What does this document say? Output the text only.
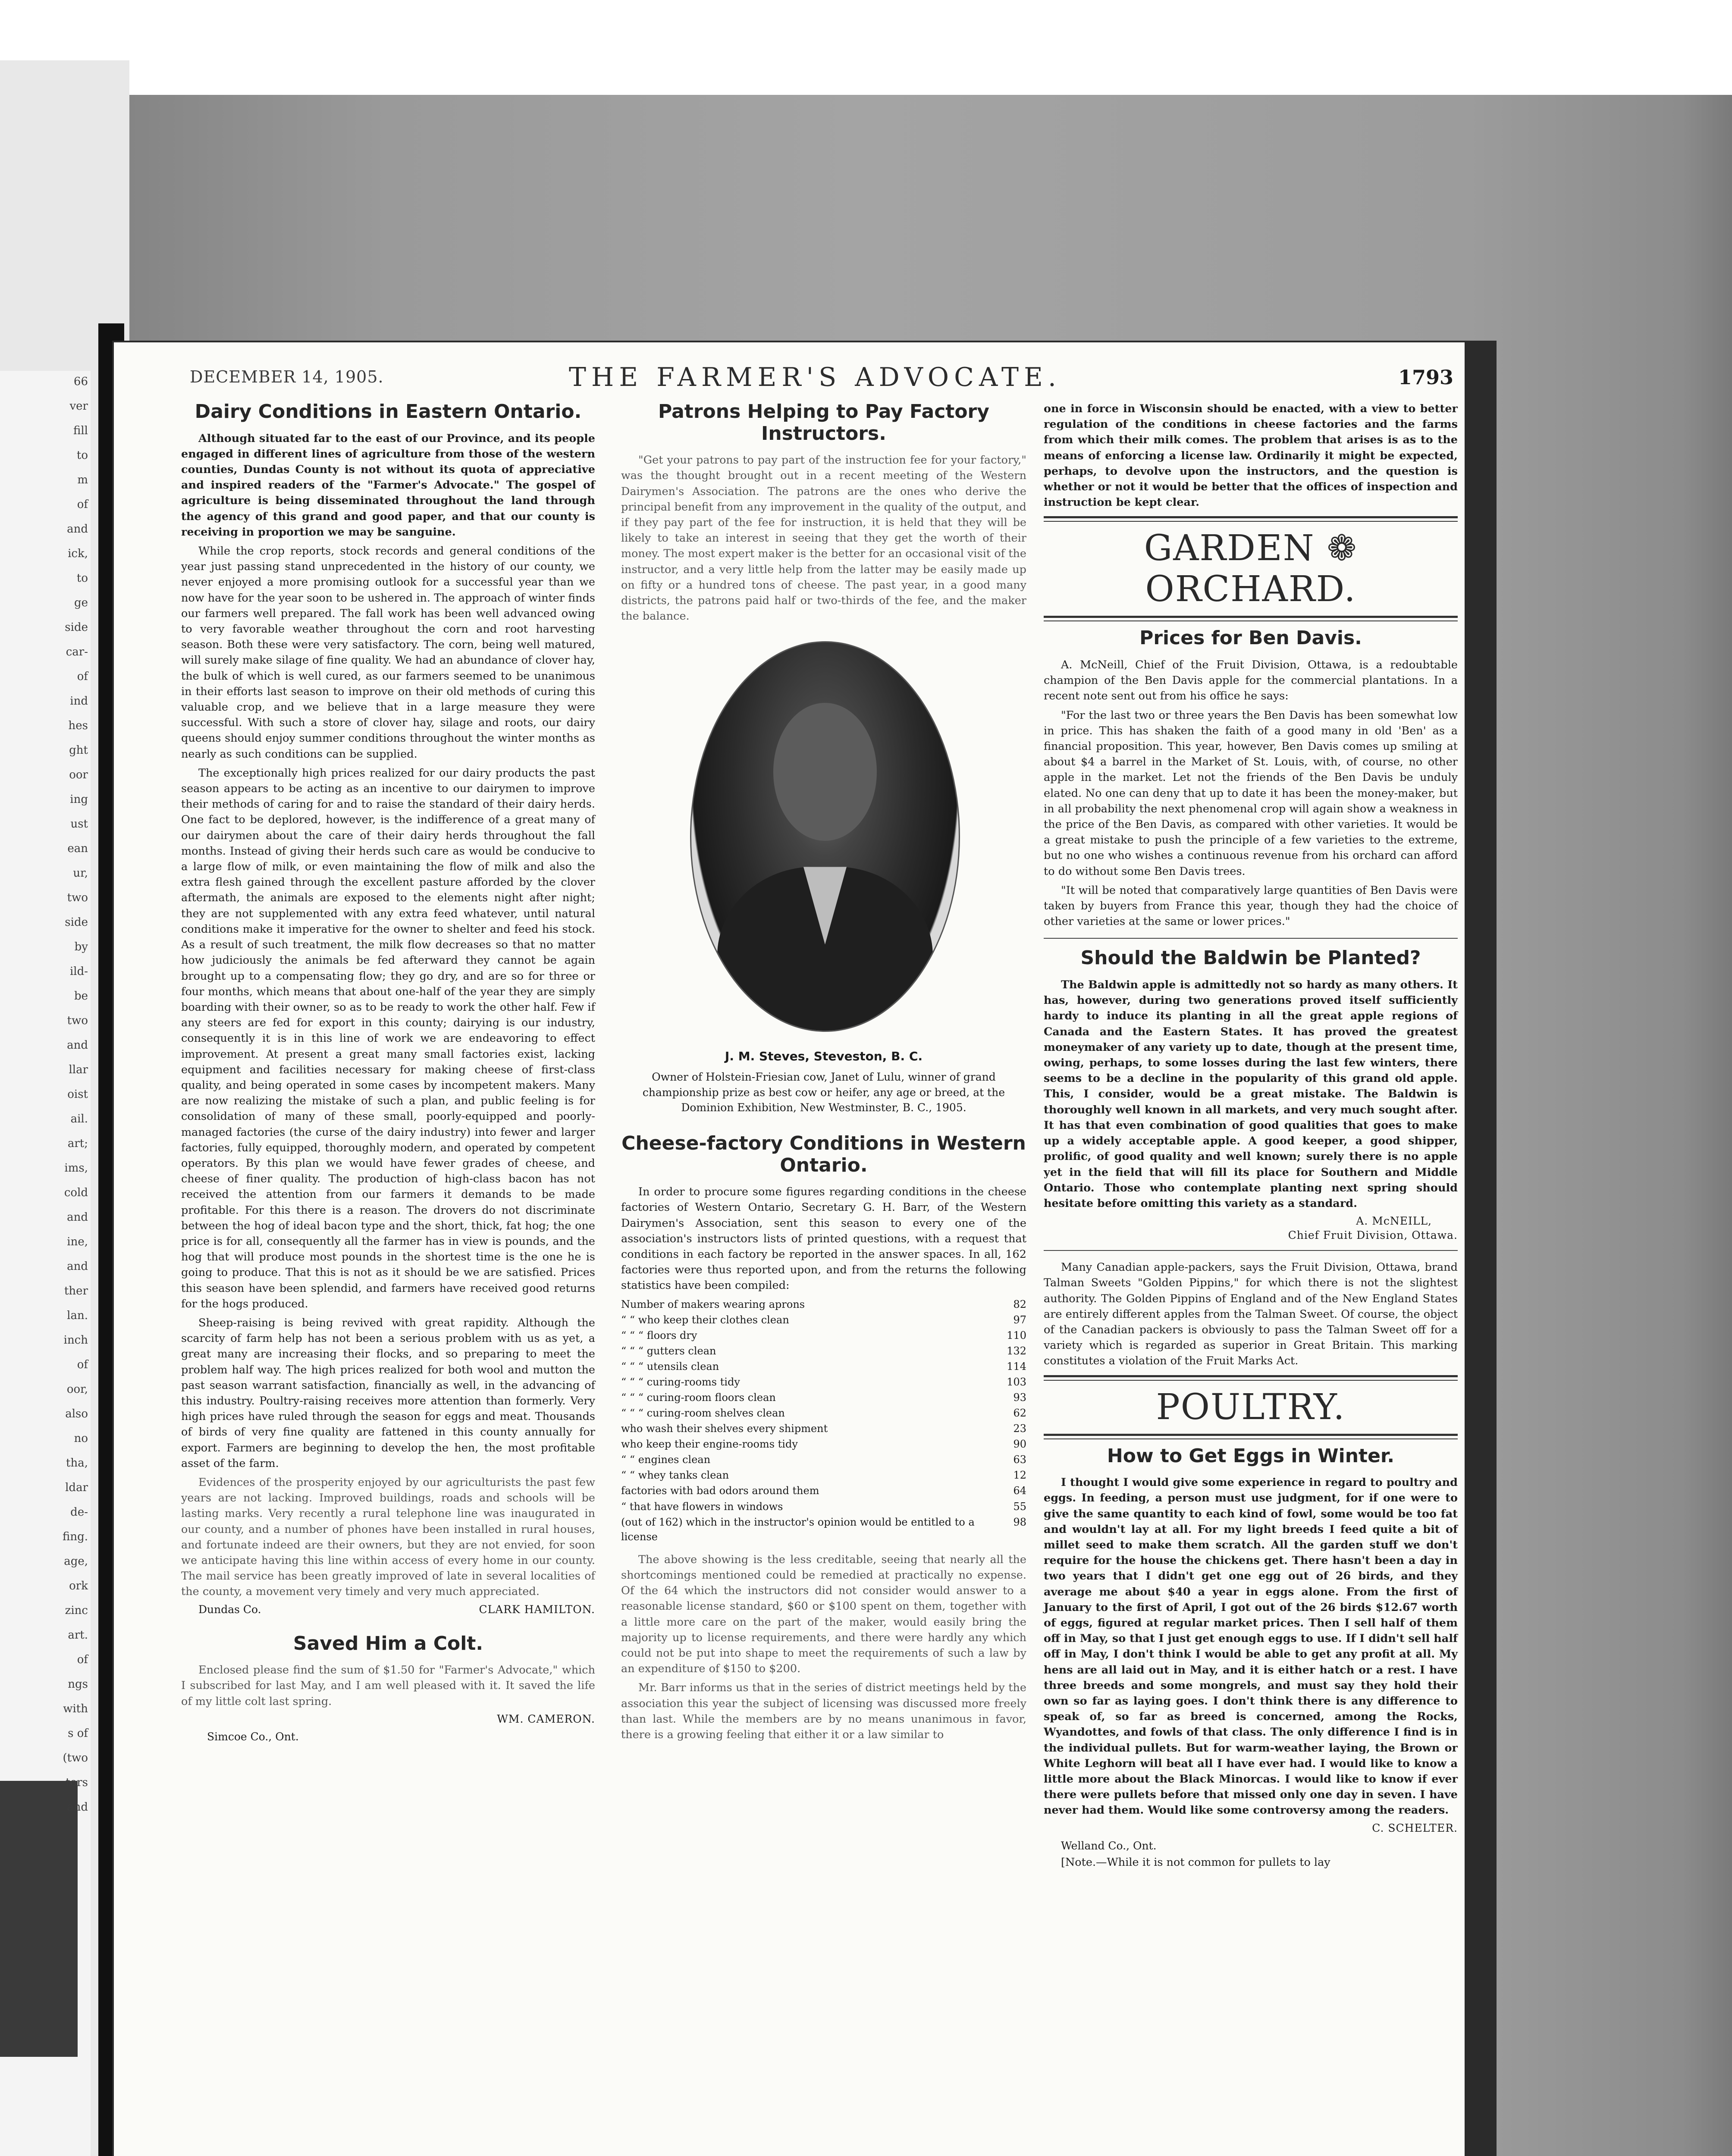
66
ver
fill
to
m
of
and
ick,
to
ge
side
car-
of
ind
hes
ght
oor
ing
ust
ean
ur,
two
side
by
ild-
be
two
and
llar
oist
ail.
art;
ims,
cold
and
ine,
and
ther
lan.
inch
of
oor,
also
no
tha,
ldar
de-
fing.
age,
ork
zinc
art.
of
ngs
with
s of
(two
tors
and
THE FARMER'S ADVOCATE.
DECEMBER 14, 1905.	1793
Dairy Conditions in Eastern Ontario.

Although situated far to the east of our Province, and its people engaged in different lines of agriculture from those of the western counties, Dundas County is not without its quota of appreciative and inspired readers of the "Farmer's Advocate." The gospel of agriculture is being disseminated throughout the land through the agency of this grand and good paper, and that our county is receiving in proportion we may be sanguine.

While the crop reports, stock records and general conditions of the year just passing stand unprecedented in the history of our county, we never enjoyed a more promising outlook for a successful year than we now have for the year soon to be ushered in. The approach of winter finds our farmers well prepared. The fall work has been well advanced owing to very favorable weather throughout the corn and root harvesting season. Both these were very satisfactory. The corn, being well matured, will surely make silage of fine quality. We had an abundance of clover hay, the bulk of which is well cured, as our farmers seemed to be unanimous in their efforts last season to improve on their old methods of curing this valuable crop, and we believe that in a large measure they were successful. With such a store of clover hay, silage and roots, our dairy queens should enjoy summer conditions throughout the winter months as nearly as such conditions can be supplied.

The exceptionally high prices realized for our dairy products the past season appears to be acting as an incentive to our dairymen to improve their methods of caring for and to raise the standard of their dairy herds. One fact to be deplored, however, is the indifference of a great many of our dairymen about the care of their dairy herds throughout the fall months. Instead of giving their herds such care as would be conducive to a large flow of milk, or even maintaining the flow of milk and also the extra flesh gained through the excellent pasture afforded by the clover aftermath, the animals are exposed to the elements night after night; they are not supplemented with any extra feed whatever, until natural conditions make it imperative for the owner to shelter and feed his stock. As a result of such treatment, the milk flow decreases so that no matter how judiciously the animals be fed afterward they cannot be again brought up to a compensating flow; they go dry, and are so for three or four months, which means that about one-half of the year they are simply boarding with their owner, so as to be ready to work the other half. Few if any steers are fed for export in this county; dairying is our industry, consequently it is in this line of work we are endeavoring to effect improvement. At present a great many small factories exist, lacking equipment and facilities necessary for making cheese of first-class quality, and being operated in some cases by incompetent makers. Many are now realizing the mistake of such a plan, and public feeling is for consolidation of many of these small, poorly-equipped and poorly-managed factories (the curse of the dairy industry) into fewer and larger factories, fully equipped, thoroughly modern, and operated by competent operators. By this plan we would have fewer grades of cheese, and cheese of finer quality. The production of high-class bacon has not received the attention from our farmers it demands to be made profitable. For this there is a reason. The drovers do not discriminate between the hog of ideal bacon type and the short, thick, fat hog; the one price is for all, consequently all the farmer has in view is pounds, and the hog that will produce most pounds in the shortest time is the one he is going to produce. That this is not as it should be we are satisfied. Prices this season have been splendid, and farmers have received good returns for the hogs produced.

Sheep-raising is being revived with great rapidity. Although the scarcity of farm help has not been a serious problem with us as yet, a great many are increasing their flocks, and so preparing to meet the problem half way. The high prices realized for both wool and mutton the past season warrant satisfaction, financially as well, in the advancing of this industry. Poultry-raising receives more attention than formerly. Very high prices have ruled through the season for eggs and meat. Thousands of birds of very fine quality are fattened in this county annually for export. Farmers are beginning to develop the hen, the most profitable asset of the farm.

Evidences of the prosperity enjoyed by our agriculturists the past few years are not lacking. Improved buildings, roads and schools will be lasting marks. Very recently a rural telephone line was inaugurated in our county, and a number of phones have been installed in rural houses, and fortunate indeed are their owners, but they are not envied, for soon we anticipate having this line within access of every home in our county. The mail service has been greatly improved of late in several localities of the county, a movement very timely and very much appreciated.

Dundas Co.	CLARK HAMILTON.
Saved Him a Colt.

Enclosed please find the sum of $1.50 for "Farmer's Advocate," which I subscribed for last May, and I am well pleased with it. It saved the life of my little colt last spring.

WM. CAMERON.
Simcoe Co., Ont.
Patrons Helping to Pay Factory Instructors.

"Get your patrons to pay part of the instruction fee for your factory," was the thought brought out in a recent meeting of the Western Dairymen's Association. The patrons are the ones who derive the principal benefit from any improvement in the quality of the output, and if they pay part of the fee for instruction, it is held that they will be likely to take an interest in seeing that they get the worth of their money. The most expert maker is the better for an occasional visit of the instructor, and a very little help from the latter may be easily made up on fifty or a hundred tons of cheese. The past year, in a good many districts, the patrons paid half or two-thirds of the fee, and the maker the balance.

J. M. Steves, Steveston, B. C.
Owner of Holstein-Friesian cow, Janet of Lulu, winner of grand championship prize as best cow or heifer, any age or breed, at the Dominion Exhibition, New Westminster, B. C., 1905.
Cheese-factory Conditions in Western Ontario.

In order to procure some figures regarding conditions in the cheese factories of Western Ontario, Secretary G. H. Barr, of the Western Dairymen's Association, sent this season to every one of the association's instructors lists of printed questions, with a request that conditions in each factory be reported in the answer spaces. In all, 162 factories were thus reported upon, and from the returns the following statistics have been compiled:

Number of makers wearing aprons	82
“ “ who keep their clothes clean	97
“ “ “ floors dry	110
“ “ “ gutters clean	132
“ “ “ utensils clean	114
“ “ “ curing-rooms tidy	103
“ “ “ curing-room floors clean	93
“ “ “ curing-room shelves clean	62
who wash their shelves every shipment	23
who keep their engine-rooms tidy	90
“ “ engines clean	63
“ “ whey tanks clean	12
factories with bad odors around them	64
“ that have flowers in windows	55
(out of 162) which in the instructor's opinion would be entitled to a license	98

The above showing is the less creditable, seeing that nearly all the shortcomings mentioned could be remedied at practically no expense. Of the 64 which the instructors did not consider would answer to a reasonable license standard, $60 or $100 spent on them, together with a little more care on the part of the maker, would easily bring the majority up to license requirements, and there were hardly any which could not be put into shape to meet the requirements of such a law by an expenditure of $150 to $200.

Mr. Barr informs us that in the series of district meetings held by the association this year the subject of licensing was discussed more freely than last. While the members are by no means unanimous in favor, there is a growing feeling that either it or a law similar to

one in force in Wisconsin should be enacted, with a view to better regulation of the conditions in cheese factories and the farms from which their milk comes. The problem that arises is as to the means of enforcing a license law. Ordinarily it might be expected, perhaps, to devolve upon the instructors, and the question is whether or not it would be better that the offices of inspection and instruction be kept clear.

GARDEN ❁ ORCHARD.
Prices for Ben Davis.

A. McNeill, Chief of the Fruit Division, Ottawa, is a redoubtable champion of the Ben Davis apple for the commercial plantations. In a recent note sent out from his office he says:

"For the last two or three years the Ben Davis has been somewhat low in price. This has shaken the faith of a good many in old 'Ben' as a financial proposition. This year, however, Ben Davis comes up smiling at about $4 a barrel in the Market of St. Louis, with, of course, no other apple in the market. Let not the friends of the Ben Davis be unduly elated. No one can deny that up to date it has been the money-maker, but in all probability the next phenomenal crop will again show a weakness in the price of the Ben Davis, as compared with other varieties. It would be a great mistake to push the principle of a few varieties to the extreme, but no one who wishes a continuous revenue from his orchard can afford to do without some Ben Davis trees.

"It will be noted that comparatively large quantities of Ben Davis were taken by buyers from France this year, though they had the choice of other varieties at the same or lower prices."

Should the Baldwin be Planted?

The Baldwin apple is admittedly not so hardy as many others. It has, however, during two generations proved itself sufficiently hardy to induce its planting in all the great apple regions of Canada and the Eastern States. It has proved the greatest moneymaker of any variety up to date, though at the present time, owing, perhaps, to some losses during the last few winters, there seems to be a decline in the popularity of this grand old apple. This, I consider, would be a great mistake. The Baldwin is thoroughly well known in all markets, and very much sought after. It has that even combination of good qualities that goes to make up a widely acceptable apple. A good keeper, a good shipper, prolific, of good quality and well known; surely there is no apple yet in the field that will fill its place for Southern and Middle Ontario. Those who contemplate planting next spring should hesitate before omitting this variety as a standard.

A. McNEILL,
Chief Fruit Division, Ottawa.

Many Canadian apple-packers, says the Fruit Division, Ottawa, brand Talman Sweets "Golden Pippins," for which there is not the slightest authority. The Golden Pippins of England and of the New England States are entirely different apples from the Talman Sweet. Of course, the object of the Canadian packers is obviously to pass the Talman Sweet off for a variety which is regarded as superior in Great Britain. This marking constitutes a violation of the Fruit Marks Act.

POULTRY.
How to Get Eggs in Winter.

I thought I would give some experience in regard to poultry and eggs. In feeding, a person must use judgment, for if one were to give the same quantity to each kind of fowl, some would be too fat and wouldn't lay at all. For my light breeds I feed quite a bit of millet seed to make them scratch. All the garden stuff we don't require for the house the chickens get. There hasn't been a day in two years that I didn't get one egg out of 26 birds, and they average me about $40 a year in eggs alone. From the first of January to the first of April, I got out of the 26 birds $12.67 worth of eggs, figured at regular market prices. Then I sell half of them off in May, so that I just get enough eggs to use. If I didn't sell half off in May, I don't think I would be able to get any profit at all. My hens are all laid out in May, and it is either hatch or a rest. I have three breeds and some mongrels, and must say they hold their own so far as laying goes. I don't think there is any difference to speak of, so far as breed is concerned, among the Rocks, Wyandottes, and fowls of that class. The only difference I find is in the individual pullets. But for warm-weather laying, the Brown or White Leghorn will beat all I have ever had. I would like to know a little more about the Black Minorcas. I would like to know if ever there were pullets before that missed only one day in seven. I have never had them. Would like some controversy among the readers.

C. SCHELTER.
Welland Co., Ont.

[Note.—While it is not common for pullets to lay
